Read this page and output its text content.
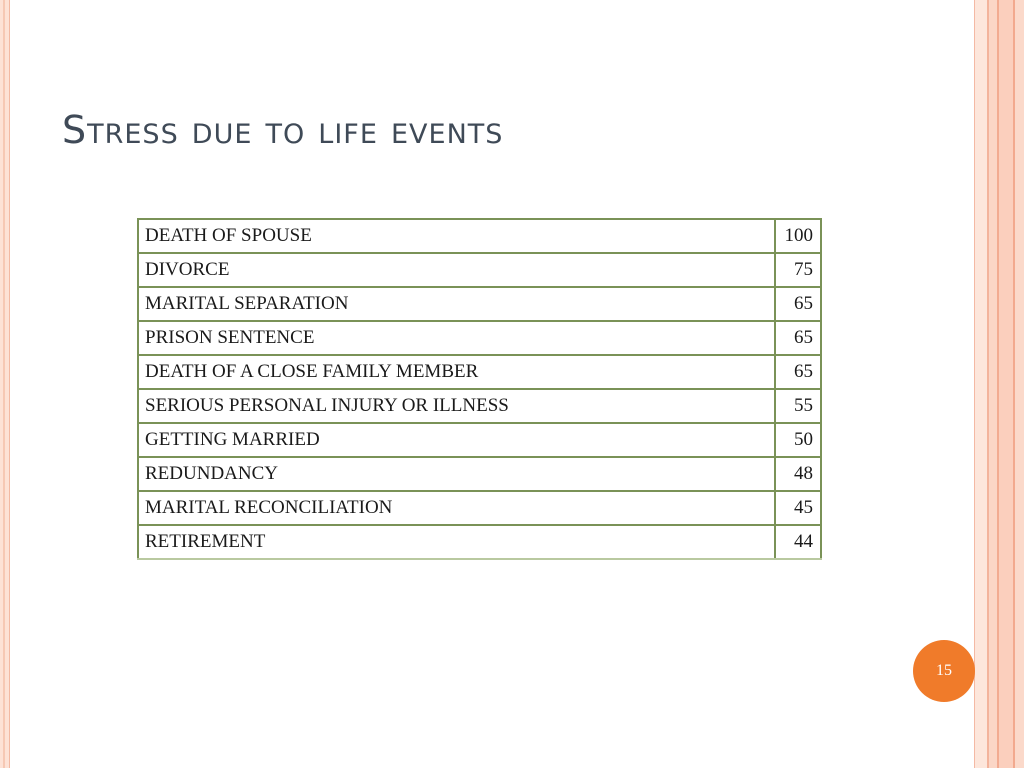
Stress due to life events
DEATH OF SPOUSE	100
DIVORCE	75
MARITAL SEPARATION	65
PRISON SENTENCE	65
DEATH OF A CLOSE FAMILY MEMBER	65
SERIOUS PERSONAL INJURY OR ILLNESS	55
GETTING MARRIED	50
REDUNDANCY	48
MARITAL RECONCILIATION	45
RETIREMENT	44
15
